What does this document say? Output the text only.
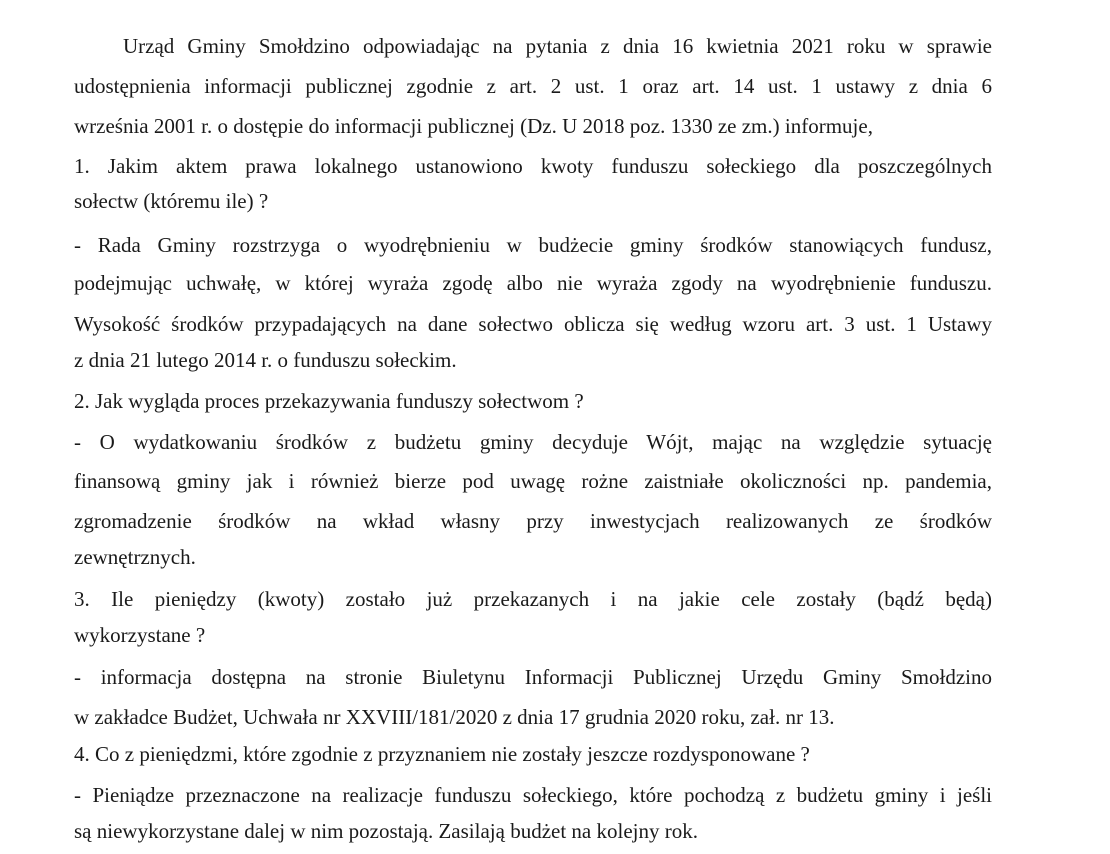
Urząd Gminy Smołdzino odpowiadając na pytania z dnia 16 kwietnia 2021 roku w sprawie
udostępnienia informacji publicznej zgodnie z art. 2 ust. 1 oraz art. 14 ust. 1 ustawy z dnia 6
września 2001 r. o dostępie do informacji publicznej (Dz. U 2018 poz. 1330 ze zm.) informuje,
1. Jakim aktem prawa lokalnego ustanowiono kwoty funduszu sołeckiego dla poszczególnych
sołectw (któremu ile) ?
- Rada Gminy rozstrzyga o wyodrębnieniu w budżecie gminy środków stanowiących fundusz,
podejmując uchwałę, w której wyraża zgodę albo nie wyraża zgody na wyodrębnienie funduszu.
Wysokość środków przypadających na dane sołectwo oblicza się według wzoru art. 3 ust. 1 Ustawy
z dnia 21 lutego 2014 r. o funduszu sołeckim.
2. Jak wygląda proces przekazywania funduszy sołectwom ?
- O wydatkowaniu środków z budżetu gminy decyduje Wójt, mając na względzie sytuację
finansową gminy jak i również bierze pod uwagę rożne zaistniałe okoliczności np. pandemia,
zgromadzenie środków na wkład własny przy inwestycjach realizowanych ze środków
zewnętrznych.
3. Ile pieniędzy (kwoty) zostało już przekazanych i na jakie cele zostały (bądź będą)
wykorzystane ?
- informacja dostępna na stronie Biuletynu Informacji Publicznej Urzędu Gminy Smołdzino
w zakładce Budżet, Uchwała nr XXVIII/181/2020 z dnia 17 grudnia 2020 roku, zał. nr 13.
4. Co z pieniędzmi, które zgodnie z przyznaniem nie zostały jeszcze rozdysponowane ?
- Pieniądze przeznaczone na realizacje funduszu sołeckiego, które pochodzą z budżetu gminy i jeśli
są niewykorzystane dalej w nim pozostają. Zasilają budżet na kolejny rok.
